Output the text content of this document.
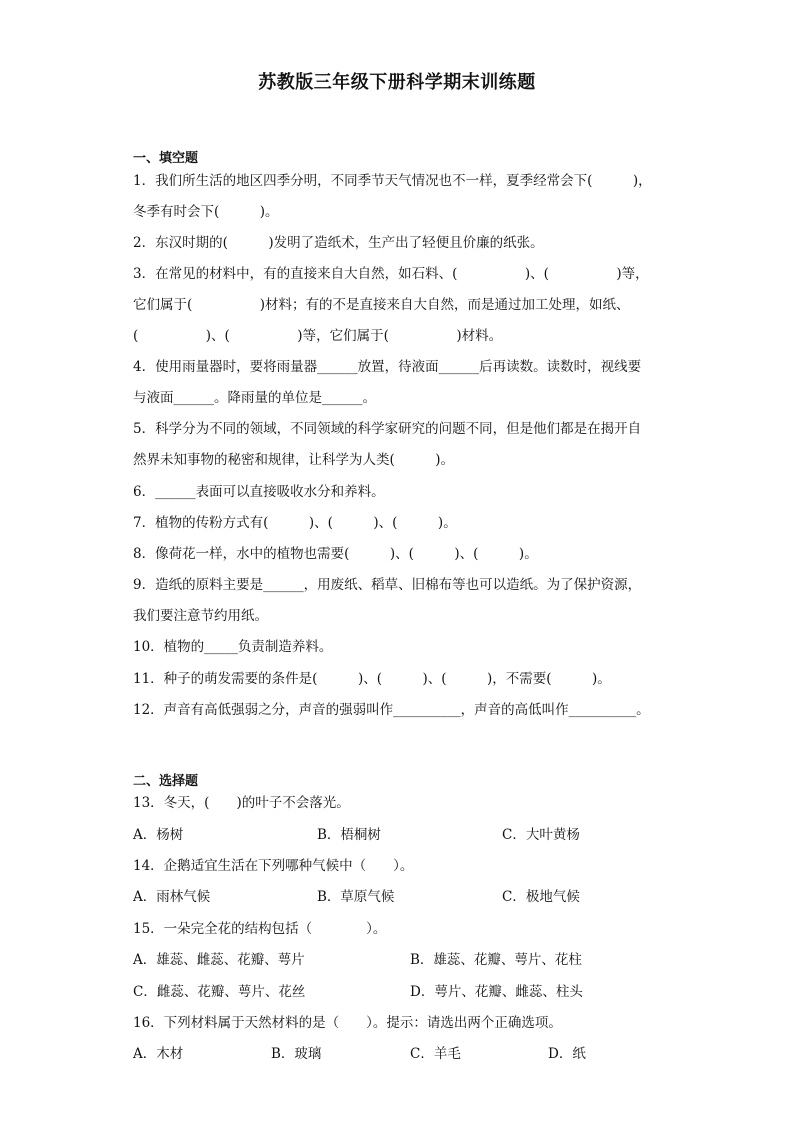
苏教版三年级下册科学期末训练题
一、填空题
1．我们所生活的地区四季分明，不同季节天气情况也不一样，夏季经常会下(　　　)，
冬季有时会下(　　　)。
2．东汉时期的(　　　)发明了造纸术，生产出了轻便且价廉的纸张。
3．在常见的材料中，有的直接来自大自然，如石料、(　　　　　)、(　　　　　)等，
它们属于(　　　　　)材料；有的不是直接来自大自然，而是通过加工处理，如纸、
(　　　　　)、(　　　　　)等，它们属于(　　　　　)材料。
4．使用雨量器时，要将雨量器______放置，待液面______后再读数。读数时，视线要
与液面______。降雨量的单位是______。
5．科学分为不同的领域，不同领域的科学家研究的问题不同，但是他们都是在揭开自
然界未知事物的秘密和规律，让科学为人类(　　　)。
6．______表面可以直接吸收水分和养料。
7．植物的传粉方式有(　　　)、(　　　)、(　　　)。
8．像荷花一样，水中的植物也需要(　　　)、(　　　)、(　　　)。
9．造纸的原料主要是______，用废纸、稻草、旧棉布等也可以造纸。为了保护资源，
我们要注意节约用纸。
10．植物的_____负责制造养料。
11．种子的萌发需要的条件是(　　　)、(　　　)、(　　　)，不需要(　　　)。
12．声音有高低强弱之分，声音的强弱叫作__________，声音的高低叫作__________。
二、选择题
13．冬天，(　　)的叶子不会落光。
A．杨树	B．梧桐树	C．大叶黄杨
14．企鹅适宜生活在下列哪种气候中（　　）。
A．雨林气候	B．草原气候	C．极地气候
15．一朵完全花的结构包括（　　　　）。
A．雄蕊、雌蕊、花瓣、萼片	B．雄蕊、花瓣、萼片、花柱
C．雌蕊、花瓣、萼片、花丝	D．萼片、花瓣、雌蕊、柱头
16．下列材料属于天然材料的是（　　）。提示：请选出两个正确选项。
A．木材	B．玻璃	C．羊毛	D．纸
